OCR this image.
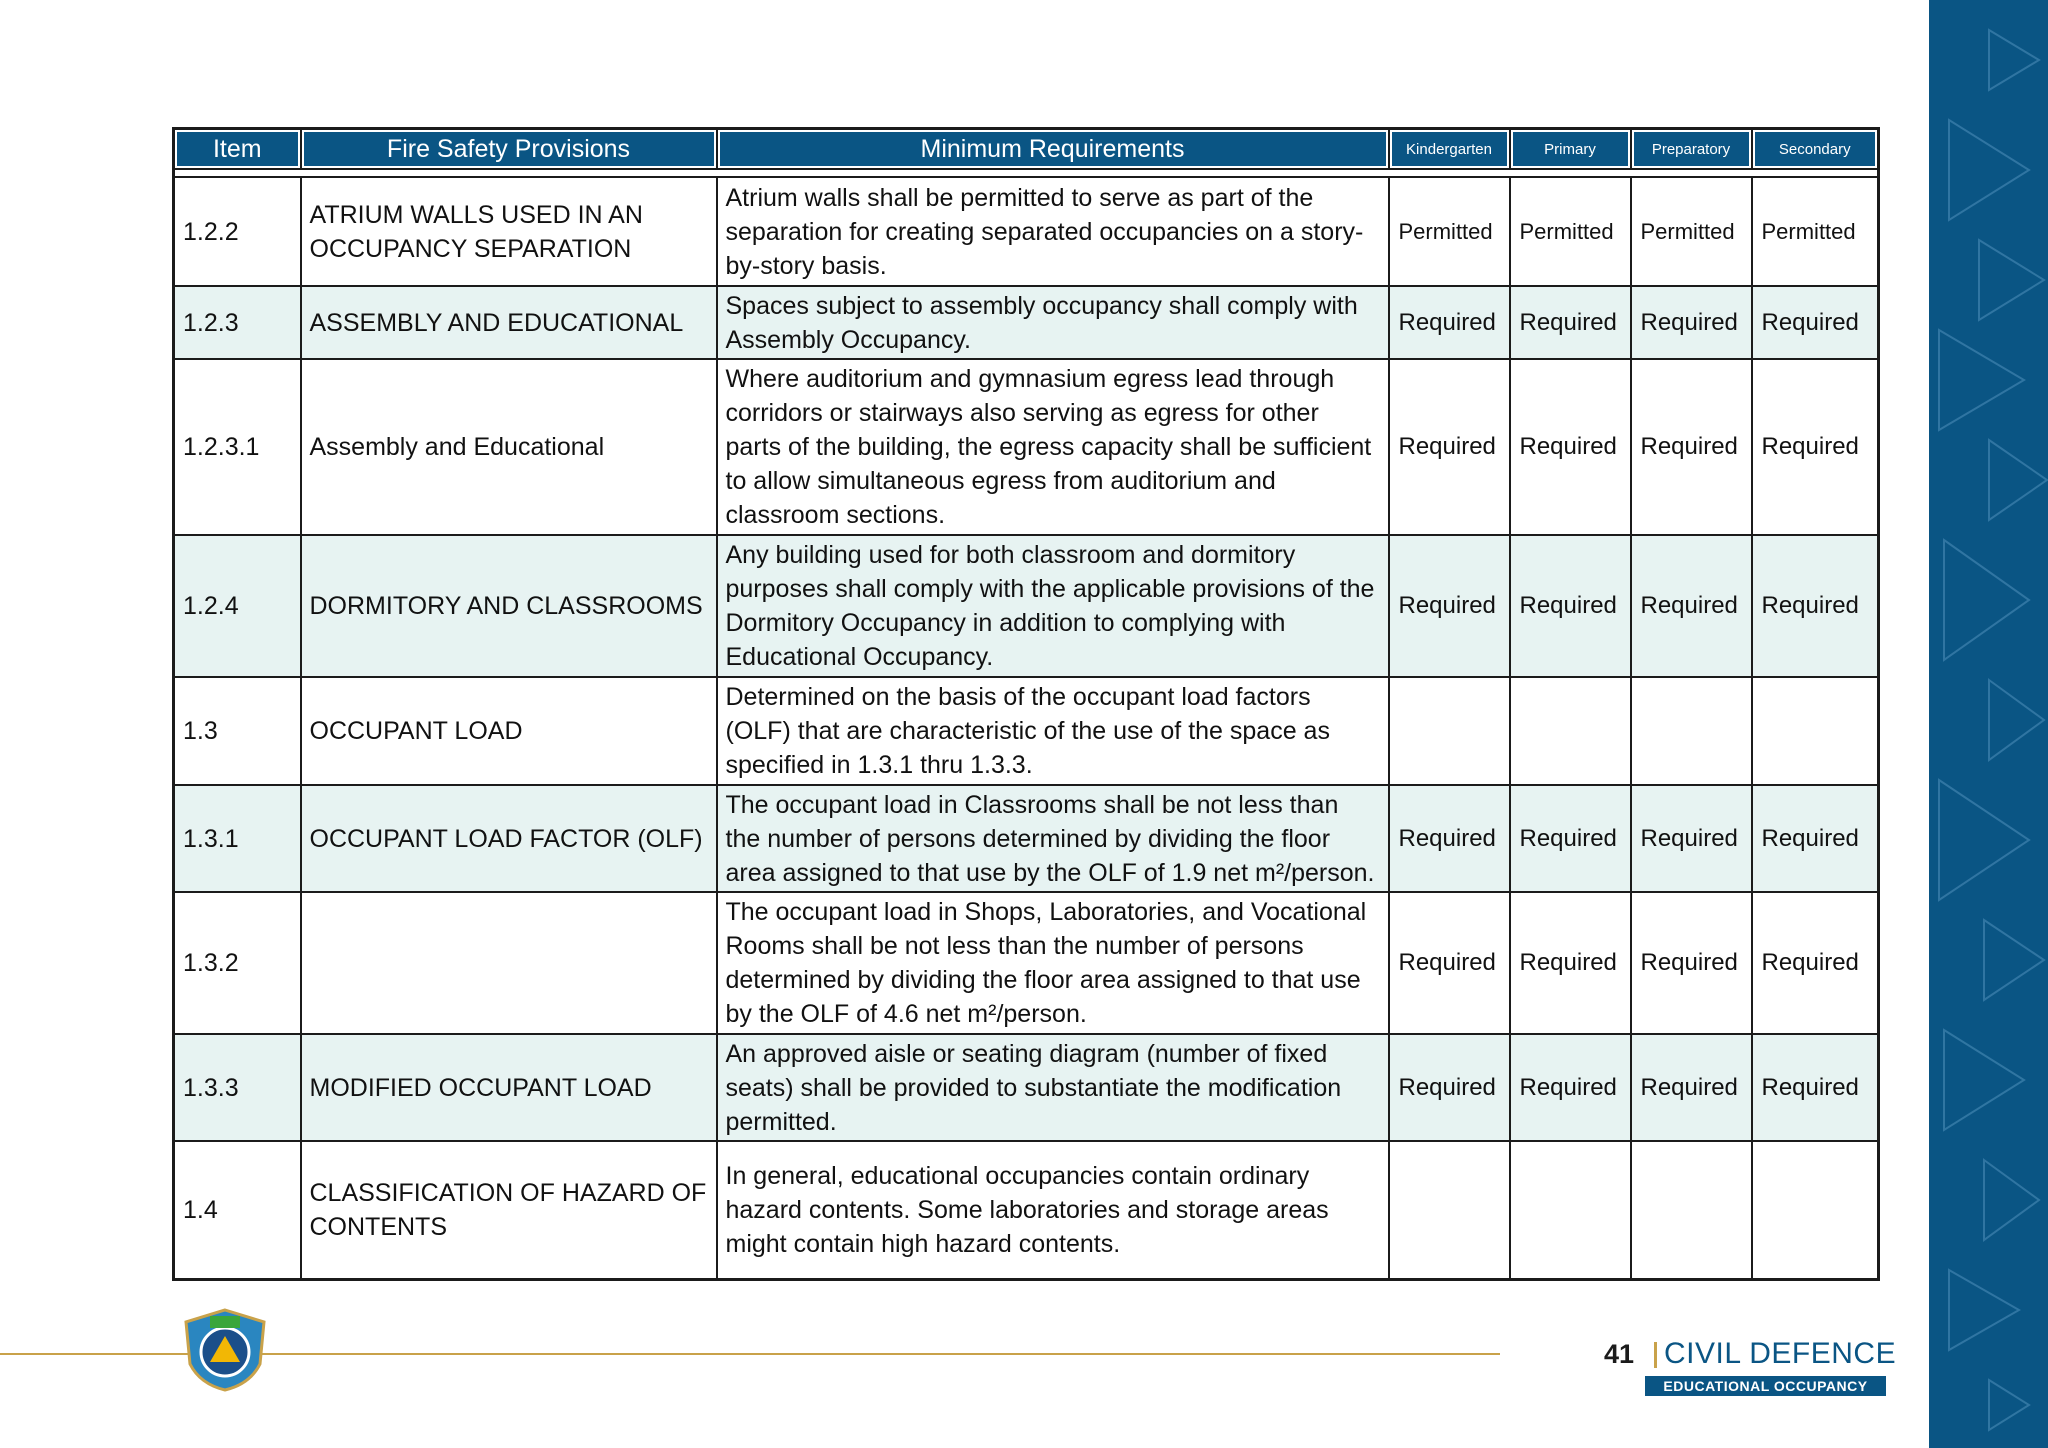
Item	Fire Safety Provisions	Minimum Requirements	Kindergarten	Primary	Preparatory	Secondary

1.2.2	ATRIUM WALLS USED IN AN OCCUPANCY SEPARATION	Atrium walls shall be permitted to serve as part of the separation for creating separated occupancies on a story-by-story basis.	Permitted	Permitted	Permitted	Permitted
1.2.3	ASSEMBLY AND EDUCATIONAL	Spaces subject to assembly occupancy shall comply with Assembly Occupancy.	Required	Required	Required	Required
1.2.3.1	Assembly and Educational	Where auditorium and gymnasium egress lead through corridors or stairways also serving as egress for other parts of the building, the egress capacity shall be sufficient to allow simultaneous egress from auditorium and classroom sections.	Required	Required	Required	Required
1.2.4	DORMITORY AND CLASSROOMS	Any building used for both classroom and dormitory purposes shall comply with the applicable provisions of the Dormitory Occupancy in addition to complying with Educational Occupancy.	Required	Required	Required	Required
1.3	OCCUPANT LOAD	Determined on the basis of the occupant load factors (OLF) that are characteristic of the use of the space as specified in 1.3.1 thru 1.3.3.				
1.3.1	OCCUPANT LOAD FACTOR (OLF)	The occupant load in Classrooms shall be not less than the number of persons determined by dividing the floor area assigned to that use by the OLF of 1.9 net m²/person.	Required	Required	Required	Required
1.3.2		The occupant load in Shops, Laboratories, and Vocational Rooms shall be not less than the number of persons determined by dividing the floor area assigned to that use by the OLF of 4.6 net m²/person.	Required	Required	Required	Required
1.3.3	MODIFIED OCCUPANT LOAD	An approved aisle or seating diagram (number of fixed seats) shall be provided to substantiate the modification permitted.	Required	Required	Required	Required
1.4	CLASSIFICATION OF HAZARD OF CONTENTS	In general, educational occupancies contain ordinary hazard contents. Some laboratories and storage areas might contain high hazard contents.				
41 CIVIL DEFENCE
EDUCATIONAL OCCUPANCY
